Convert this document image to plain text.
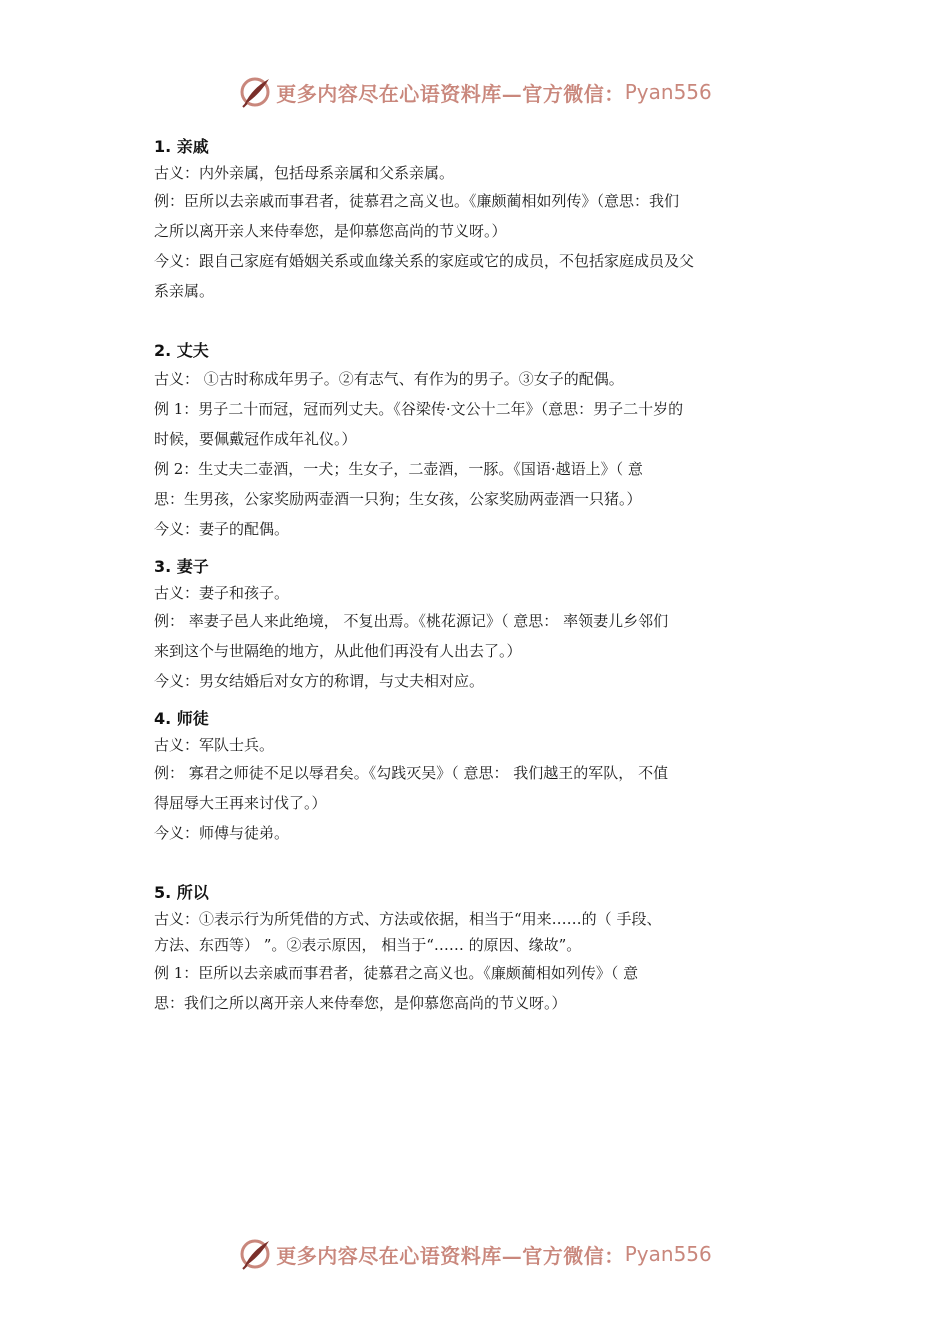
更多内容尽在心语资料库—官方微信： Pyan556
1. 亲戚
古义：内外亲属，包括母系亲属和父系亲属。
例：臣所以去亲戚而事君者，徒慕君之高义也。《廉颇蔺相如列传》（意思：我们
之所以离开亲人来侍奉您，是仰慕您高尚的节义呀。）
今义：跟自己家庭有婚姻关系或血缘关系的家庭或它的成员，不包括家庭成员及父
系亲属。
2. 丈夫
古义： ①古时称成年男子。②有志气、有作为的男子。③女子的配偶。
例 1：男子二十而冠，冠而列丈夫。《谷梁传·文公十二年》（意思：男子二十岁的
时候，要佩戴冠作成年礼仪。）
例 2：生丈夫二壶酒，一犬；生女子，二壶酒，一豚。《国语·越语上》（ 意
思：生男孩，公家奖励两壶酒一只狗；生女孩，公家奖励两壶酒一只猪。）
今义：妻子的配偶。
3. 妻子
古义：妻子和孩子。
例： 率妻子邑人来此绝境， 不复出焉。《桃花源记》（ 意思： 率领妻儿乡邻们
来到这个与世隔绝的地方，从此他们再没有人出去了。）
今义：男女结婚后对女方的称谓，与丈夫相对应。
4. 师徒
古义：军队士兵。
例： 寡君之师徒不足以辱君矣。《勾践灭吴》（ 意思： 我们越王的军队， 不值
得屈辱大王再来讨伐了。）
今义：师傅与徒弟。
5. 所以
古义：①表示行为所凭借的方式、方法或依据，相当于“用来……的（ 手段、
方法、东西等） ”。②表示原因， 相当于“…… 的原因、缘故”。
例 1：臣所以去亲戚而事君者，徒慕君之高义也。《廉颇蔺相如列传》（ 意
思：我们之所以离开亲人来侍奉您，是仰慕您高尚的节义呀。）
更多内容尽在心语资料库—官方微信： Pyan556
